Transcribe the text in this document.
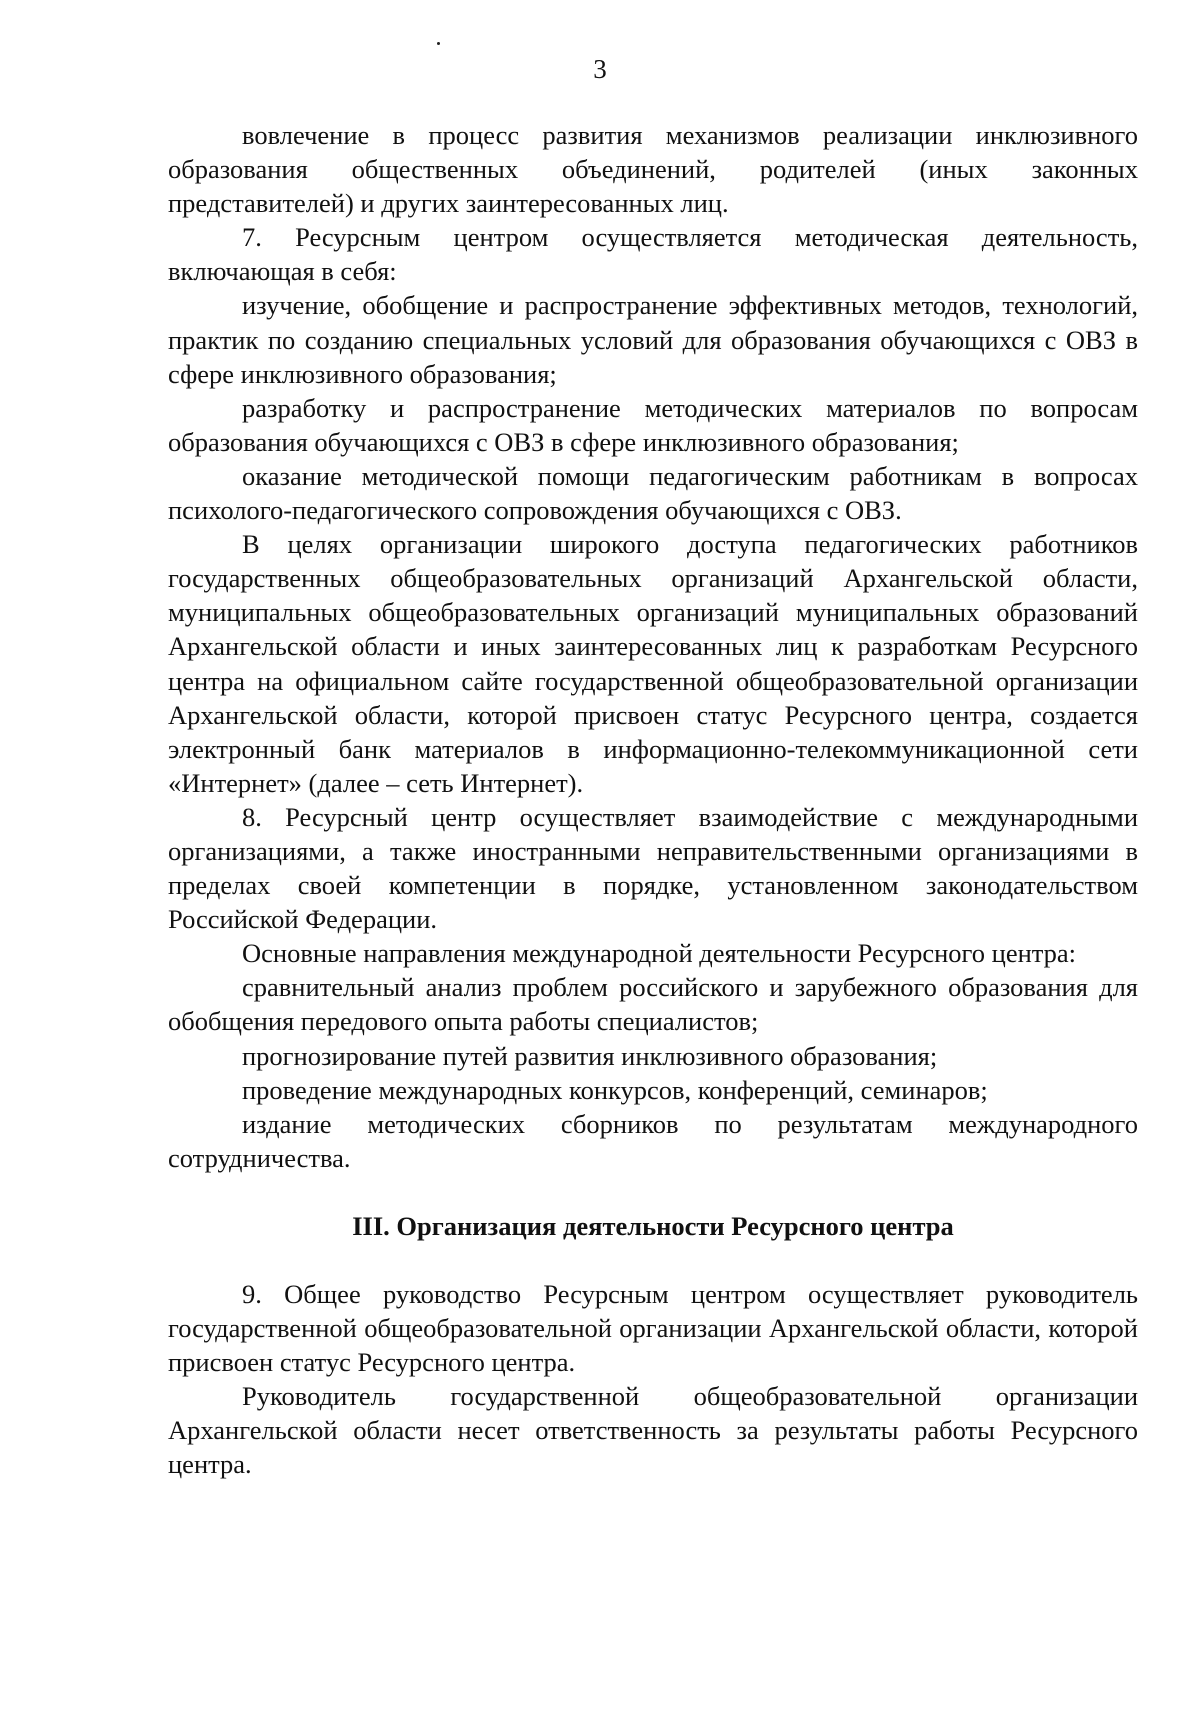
3

вовлечение в процесс развития механизмов реализации инклюзивного образования общественных объединений, родителей (иных законных представителей) и других заинтересованных лиц.

7. Ресурсным центром осуществляется методическая деятельность, включающая в себя:

изучение, обобщение и распространение эффективных методов, технологий, практик по созданию специальных условий для образования обучающихся с ОВЗ в сфере инклюзивного образования;

разработку и распространение методических материалов по вопросам образования обучающихся с ОВЗ в сфере инклюзивного образования;

оказание методической помощи педагогическим работникам в вопросах психолого-педагогического сопровождения обучающихся с ОВЗ.

В целях организации широкого доступа педагогических работников государственных общеобразовательных организаций Архангельской области, муниципальных общеобразовательных организаций муниципальных образований Архангельской области и иных заинтересованных лиц к разработкам Ресурсного центра на официальном сайте государственной общеобразовательной организации Архангельской области, которой присвоен статус Ресурсного центра, создается электронный банк материалов в информационно-телекоммуникационной сети «Интернет» (далее – сеть Интернет).

8. Ресурсный центр осуществляет взаимодействие с международными организациями, а также иностранными неправительственными организациями в пределах своей компетенции в порядке, установленном законодательством Российской Федерации.

Основные направления международной деятельности Ресурсного центра:

сравнительный анализ проблем российского и зарубежного образования для обобщения передового опыта работы специалистов;

прогнозирование путей развития инклюзивного образования;

проведение международных конкурсов, конференций, семинаров;

издание методических сборников по результатам международного сотрудничества.

III. Организация деятельности Ресурсного центра

9. Общее руководство Ресурсным центром осуществляет руководитель государственной общеобразовательной организации Архангельской области, которой присвоен статус Ресурсного центра.

Руководитель государственной общеобразовательной организации Архангельской области несет ответственность за результаты работы Ресурсного центра.
